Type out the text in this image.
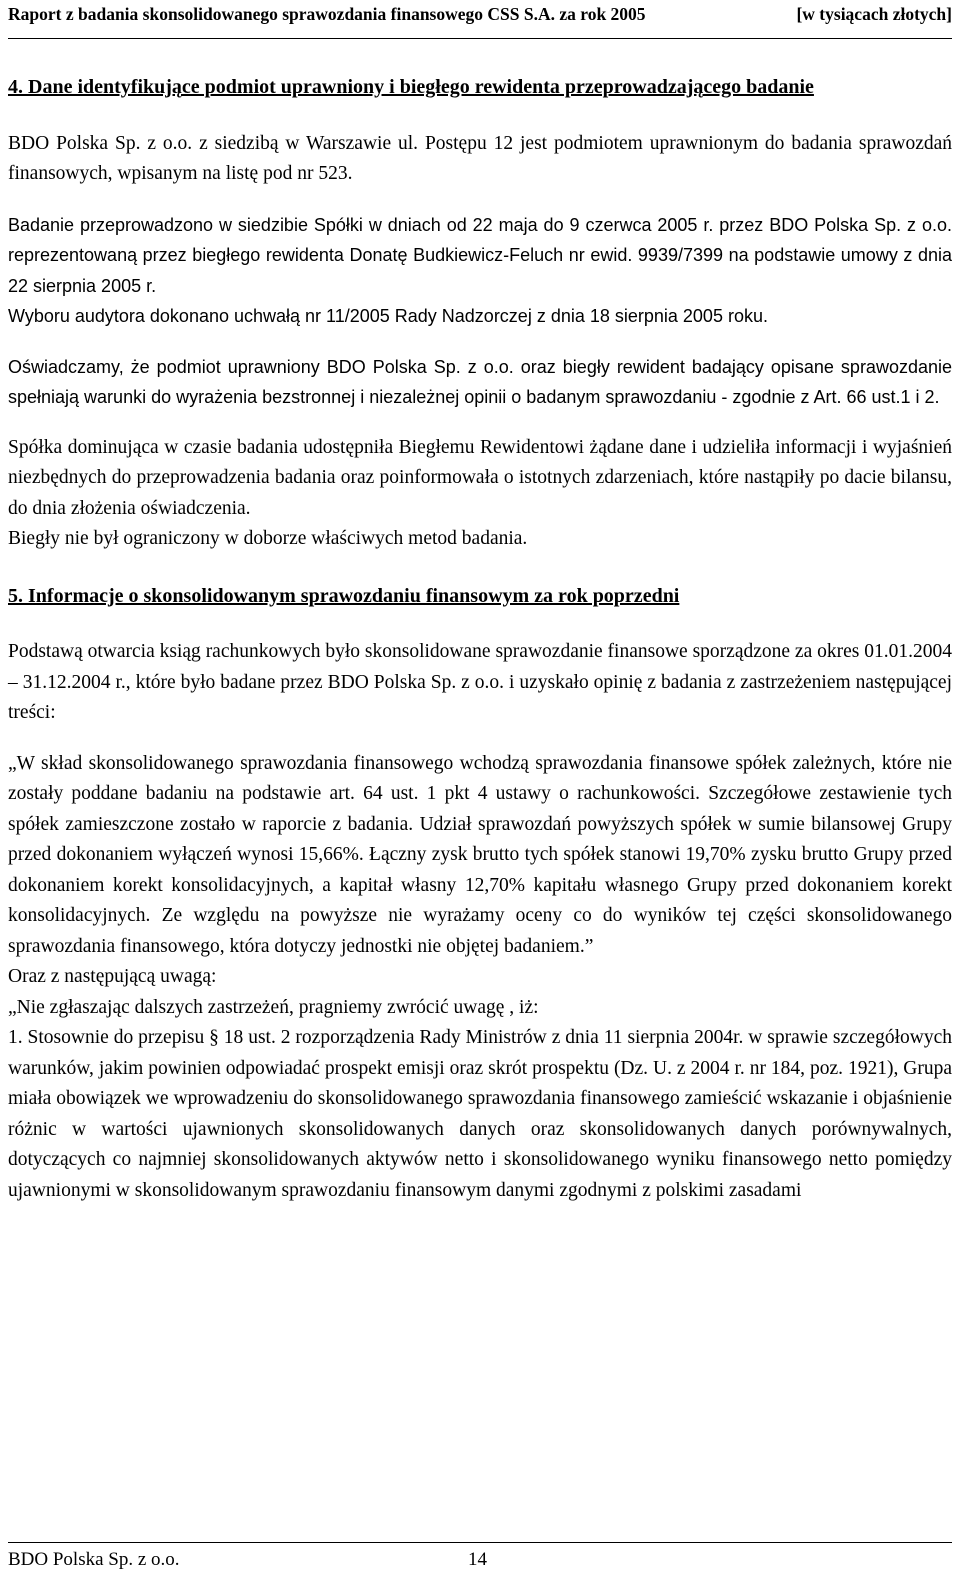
Raport z badania skonsolidowanego sprawozdania finansowego CSS S.A. za rok 2005	[w tysiącach złotych]

4. Dane identyfikujące podmiot uprawniony i biegłego rewidenta przeprowadzającego badanie

BDO Polska Sp. z o.o. z siedzibą w Warszawie ul. Postępu 12 jest podmiotem uprawnionym do badania sprawozdań finansowych, wpisanym na listę pod nr 523.

Badanie przeprowadzono w siedzibie Spółki w dniach od 22 maja do 9 czerwca 2005 r. przez BDO Polska Sp. z o.o. reprezentowaną przez biegłego rewidenta Donatę Budkiewicz-Feluch nr ewid. 9939/7399 na podstawie umowy z dnia 22 sierpnia 2005 r.

Wyboru audytora dokonano uchwałą nr 11/2005 Rady Nadzorczej z dnia 18 sierpnia 2005 roku.

Oświadczamy, że podmiot uprawniony BDO Polska Sp. z o.o. oraz biegły rewident badający opisane sprawozdanie spełniają warunki do wyrażenia bezstronnej i niezależnej opinii o badanym sprawozdaniu - zgodnie z Art. 66 ust.1 i 2.

Spółka dominująca w czasie badania udostępniła Biegłemu Rewidentowi żądane dane i udzieliła informacji i wyjaśnień niezbędnych do przeprowadzenia badania oraz poinformowała o istotnych zdarzeniach, które nastąpiły po dacie bilansu, do dnia złożenia oświadczenia.

Biegły nie był ograniczony w doborze właściwych metod badania.

5. Informacje o skonsolidowanym sprawozdaniu finansowym za rok poprzedni

Podstawą otwarcia ksiąg rachunkowych było skonsolidowane sprawozdanie finansowe sporządzone za okres 01.01.2004 – 31.12.2004 r., które było badane przez BDO Polska Sp. z o.o. i uzyskało opinię z badania z zastrzeżeniem następującej treści:

„W skład skonsolidowanego sprawozdania finansowego wchodzą sprawozdania finansowe spółek zależnych, które nie zostały poddane badaniu na podstawie art. 64 ust. 1 pkt 4 ustawy o rachunkowości. Szczegółowe zestawienie tych spółek zamieszczone zostało w raporcie z badania. Udział sprawozdań powyższych spółek w sumie bilansowej Grupy przed dokonaniem wyłączeń wynosi 15,66%. Łączny zysk brutto tych spółek stanowi 19,70% zysku brutto Grupy przed dokonaniem korekt konsolidacyjnych, a kapitał własny 12,70% kapitału własnego Grupy przed dokonaniem korekt konsolidacyjnych. Ze względu na powyższe nie wyrażamy oceny co do wyników tej części skonsolidowanego sprawozdania finansowego, która dotyczy jednostki nie objętej badaniem.”

Oraz z następującą uwagą:

„Nie zgłaszając dalszych zastrzeżeń, pragniemy zwrócić uwagę , iż:

1. Stosownie do przepisu § 18 ust. 2 rozporządzenia Rady Ministrów z dnia 11 sierpnia 2004r. w sprawie szczegółowych warunków, jakim powinien odpowiadać prospekt emisji oraz skrót prospektu (Dz. U. z 2004 r. nr 184, poz. 1921), Grupa miała obowiązek we wprowadzeniu do skonsolidowanego sprawozdania finansowego zamieścić wskazanie i objaśnienie różnic w wartości ujawnionych skonsolidowanych danych oraz skonsolidowanych danych porównywalnych, dotyczących co najmniej skonsolidowanych aktywów netto i skonsolidowanego wyniku finansowego netto pomiędzy ujawnionymi w skonsolidowanym sprawozdaniu finansowym danymi zgodnymi z polskimi zasadami

BDO Polska Sp. z o.o.	14
